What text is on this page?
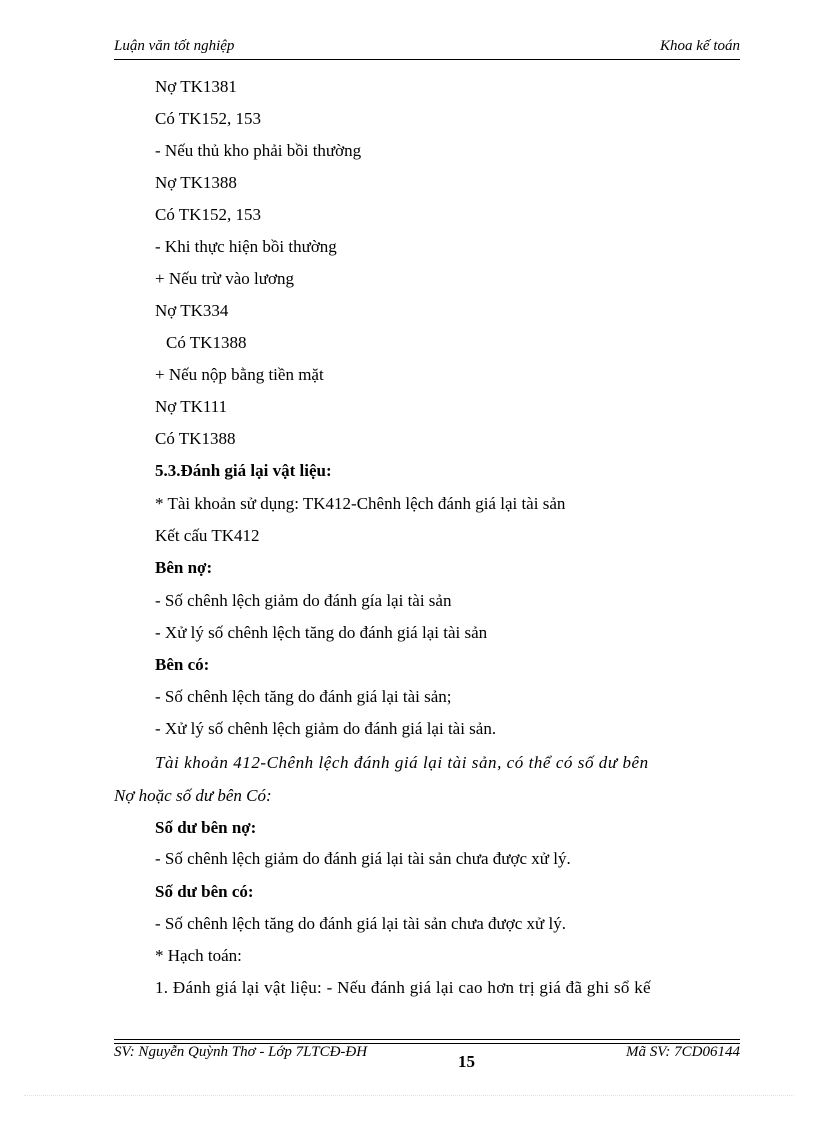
Luận văn tốt nghiệp	Khoa kế toán
Nợ TK1381
Có TK152, 153
- Nếu thủ kho phải bồi thường
Nợ TK1388
Có TK152, 153
- Khi thực hiện bồi thường
+ Nếu trừ vào lương
Nợ TK334
Có TK1388
+ Nếu nộp bằng tiền mặt
Nợ TK111
Có TK1388
5.3.Đánh giá lại vật liệu:
* Tài khoản sử dụng: TK412-Chênh lệch đánh giá lại tài sản
Kết cấu TK412
Bên nợ:
- Số chênh lệch giảm do đánh gía lại tài sản
- Xử lý số chênh lệch tăng do đánh giá lại tài sản
Bên có:
- Số chênh lệch tăng do đánh giá lại tài sản;
- Xử lý số chênh lệch giảm do đánh giá lại tài sản.
Tài khoản 412-Chênh lệch đánh giá lại tài sản, có thể có số dư bên
Nợ hoặc số dư bên Có:
Số dư bên nợ:
- Số chênh lệch giảm do đánh giá lại tài sản chưa được xử lý.
Số dư bên có:
- Số chênh lệch tăng do đánh giá lại tài sản chưa được xử lý.
* Hạch toán:
1. Đánh giá lại vật liệu: - Nếu đánh giá lại cao hơn trị giá đã ghi sổ kế
SV: Nguyễn Quỳnh Thơ - Lớp 7LTCĐ-ĐH	15	Mã SV: 7CD06144
